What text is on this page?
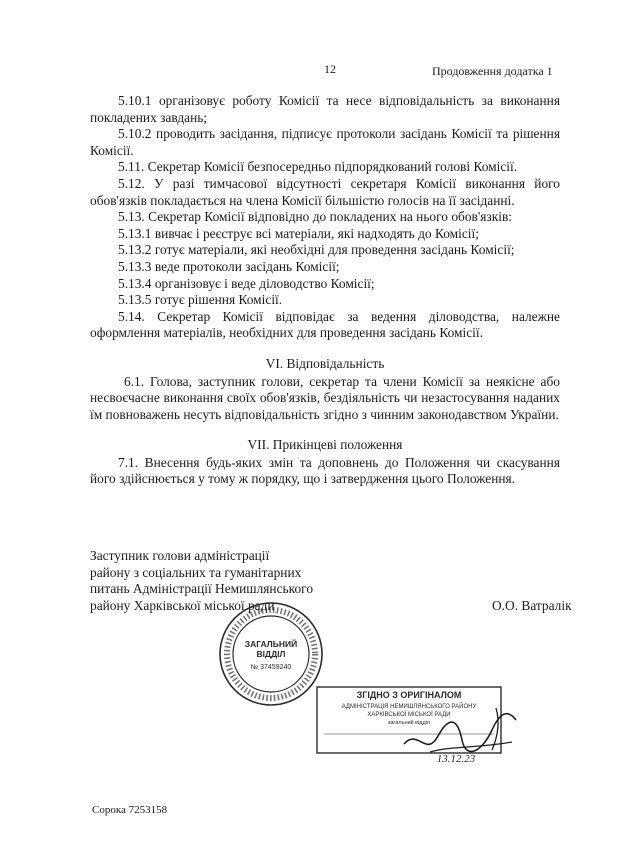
12	Продовження додатка 1

5.10.1 організовує роботу Комісії та несе відповідальність за виконання покладених завдань;

5.10.2 проводить засідання, підписує протоколи засідань Комісії та рішення Комісії.

5.11. Секретар Комісії безпосередньо підпорядкований голові Комісії.

5.12. У разі тимчасової відсутності секретаря Комісії виконання його обов'язків покладається на члена Комісії більшістю голосів на її засіданні.

5.13. Секретар Комісії відповідно до покладених на нього обов'язків:

5.13.1 вивчає і реєструє всі матеріали, які надходять до Комісії;

5.13.2 готує матеріали, які необхідні для проведення засідань Комісії;

5.13.3 веде протоколи засідань Комісії;

5.13.4 організовує і веде діловодство Комісії;

5.13.5 готує рішення Комісії.

5.14. Секретар Комісії відповідає за ведення діловодства, належне оформлення матеріалів, необхідних для проведення засідань Комісії.

VI. Відповідальність

6.1. Голова, заступник голови, секретар та члени Комісії за неякісне або несвоєчасне виконання своїх обов'язків, бездіяльність чи незастосування наданих їм повноважень несуть відповідальність згідно з чинним законодавством України.

VII. Прикінцеві положення

7.1. Внесення будь-яких змін та доповнень до Положення чи скасування його здійснюється у тому ж порядку, що і затвердження цього Положення.

Заступник голови адміністрації
району з соціальних та гуманітарних
питань Адміністрації Немишлянського
району Харківської міської ради	О.О. Ватралік
ЗАГАЛЬНИЙ
ВІДДІЛ
№ 37459240
ЗГІДНО З ОРИГІНАЛОМ
АДМІНІСТРАЦІЯ НЕМИШЛЯНСЬКОГО РАЙОНУ
ХАРКІВСЬКОЇ МІСЬКОЇ РАДИ
загальний відділ
13.12.23
Сорока 7253158
